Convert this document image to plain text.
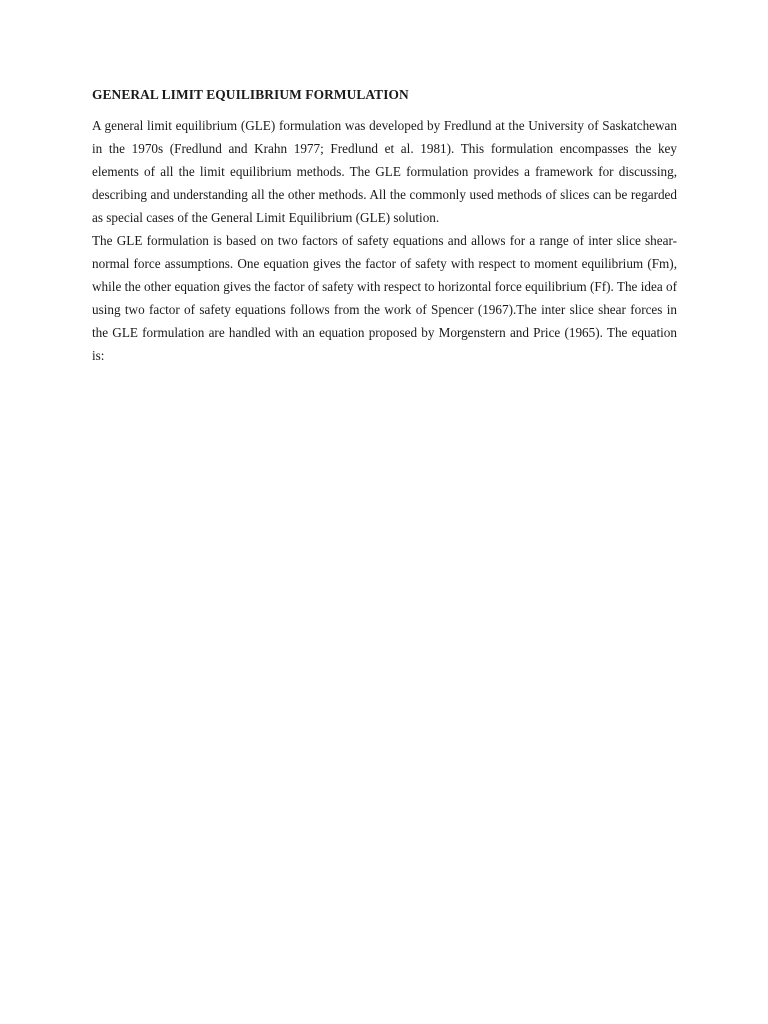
GENERAL LIMIT EQUILIBRIUM FORMULATION

A general limit equilibrium (GLE) formulation was developed by Fredlund at the University of Saskatchewan in the 1970s (Fredlund and Krahn 1977; Fredlund et al. 1981). This formulation encompasses the key elements of all the limit equilibrium methods. The GLE formulation provides a framework for discussing, describing and understanding all the other methods. All the commonly used methods of slices can be regarded as special cases of the General Limit Equilibrium (GLE) solution.

The GLE formulation is based on two factors of safety equations and allows for a range of inter slice shear-normal force assumptions. One equation gives the factor of safety with respect to moment equilibrium (Fm), while the other equation gives the factor of safety with respect to horizontal force equilibrium (Ff). The idea of using two factor of safety equations follows from the work of Spencer (1967).The inter slice shear forces in the GLE formulation are handled with an equation proposed by Morgenstern and Price (1965). The equation is:
